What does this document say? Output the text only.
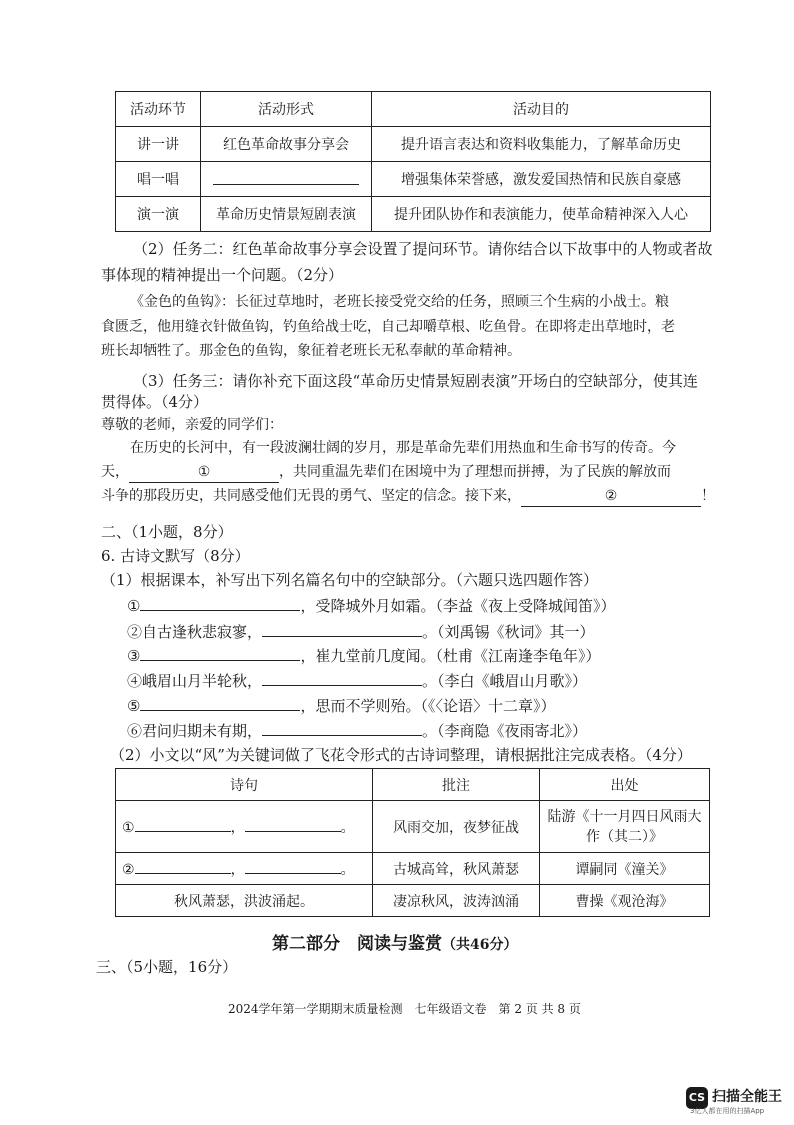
活动环节	活动形式	活动目的
讲一讲	红色革命故事分享会	提升语言表达和资料收集能力，了解革命历史
唱一唱		增强集体荣誉感，激发爱国热情和民族自豪感
演一演	革命历史情景短剧表演	提升团队协作和表演能力，使革命精神深入人心
（2）任务二：红色革命故事分享会设置了提问环节。请你结合以下故事中的人物或者故
事体现的精神提出一个问题。（2分）
《金色的鱼钩》：长征过草地时，老班长接受党交给的任务，照顾三个生病的小战士。粮
食匮乏，他用缝衣针做鱼钩，钓鱼给战士吃，自己却嚼草根、吃鱼骨。在即将走出草地时，老
班长却牺牲了。那金色的鱼钩，象征着老班长无私奉献的革命精神。
（3）任务三：请你补充下面这段“革命历史情景短剧表演”开场白的空缺部分，使其连
贯得体。（4分）
尊敬的老师，亲爱的同学们：
在历史的长河中，有一段波澜壮阔的岁月，那是革命先辈们用热血和生命书写的传奇。今
天，	①	，共同重温先辈们在困境中为了理想而拼搏，为了民族的解放而
斗争的那段历史，共同感受他们无畏的勇气、坚定的信念。接下来，	②	！
二、（1小题，8分）
6. 古诗文默写（8分）
（1）根据课本，补写出下列名篇名句中的空缺部分。（六题只选四题作答）
①	，受降城外月如霜。（李益《夜上受降城闻笛》）
②自古逢秋悲寂寥，	。（刘禹锡《秋词》其一）
③	，崔九堂前几度闻。（杜甫《江南逢李龟年》）
④峨眉山月半轮秋，	。（李白《峨眉山月歌》）
⑤	，思而不学则殆。（《〈论语〉十二章》）
⑥君问归期未有期，	。（李商隐《夜雨寄北》）
（2）小文以“风”为关键词做了飞花令形式的古诗词整理，请根据批注完成表格。（4分）
诗句	批注	出处
① ， 。	风雨交加，夜梦征战	陆游《十一月四日风雨大作（其二）》
② ， 。	古城高耸，秋风萧瑟	谭嗣同《潼关》
秋风萧瑟，洪波涌起。	凄凉秋风，波涛汹涌	曹操《观沧海》
第二部分　阅读与鉴赏（共46分）
三、（5小题，16分）
2024学年第一学期期末质量检测　七年级语文卷　第 2 页 共 8 页
CS 扫描全能王
3亿人都在用的扫描App
